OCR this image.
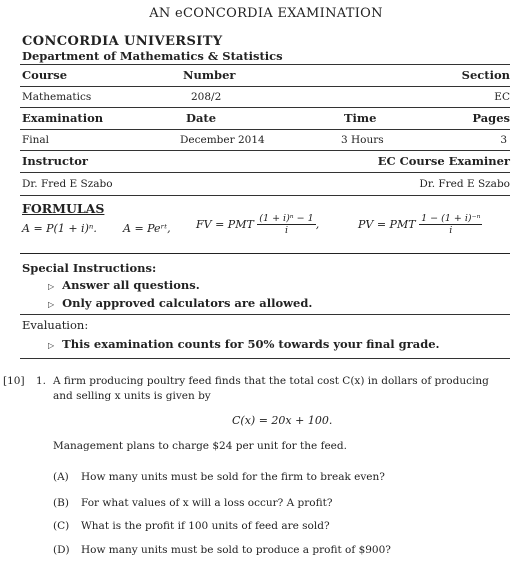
AN eCONCORDIA EXAMINATION
CONCORDIA UNIVERSITY
Department of Mathematics & Statistics
Course	Number	Section
Mathematics	208/2	EC
Examination	Date	Time	Pages
Final	December 2014	3 Hours	3
Instructor	EC Course Examiner
Dr. Fred E Szabo	Dr. Fred E Szabo
FORMULAS
A = P(1 + i)ⁿ. A = Peʳᵗ, FV = PMT $\frac{\text{(1 + i)ⁿ − 1}}{i}$ ,	PV = PMT $\frac{\text{1 − (1 + i)⁻ⁿ}}{i}$
Special Instructions:
▷ Answer all questions.
▷ Only approved calculators are allowed.
Evaluation:
▷ This examination counts for 50% towards your final grade.
[10] 1. A firm producing poultry feed finds that the total cost C(x) in dollars of producing
and selling x units is given by
C(x) = 20x + 100.
Management plans to charge $24 per unit for the feed.
(A) How many units must be sold for the firm to break even?
(B) For what values of x will a loss occur? A profit?
(C) What is the profit if 100 units of feed are sold?
(D) How many units must be sold to produce a profit of $900?
